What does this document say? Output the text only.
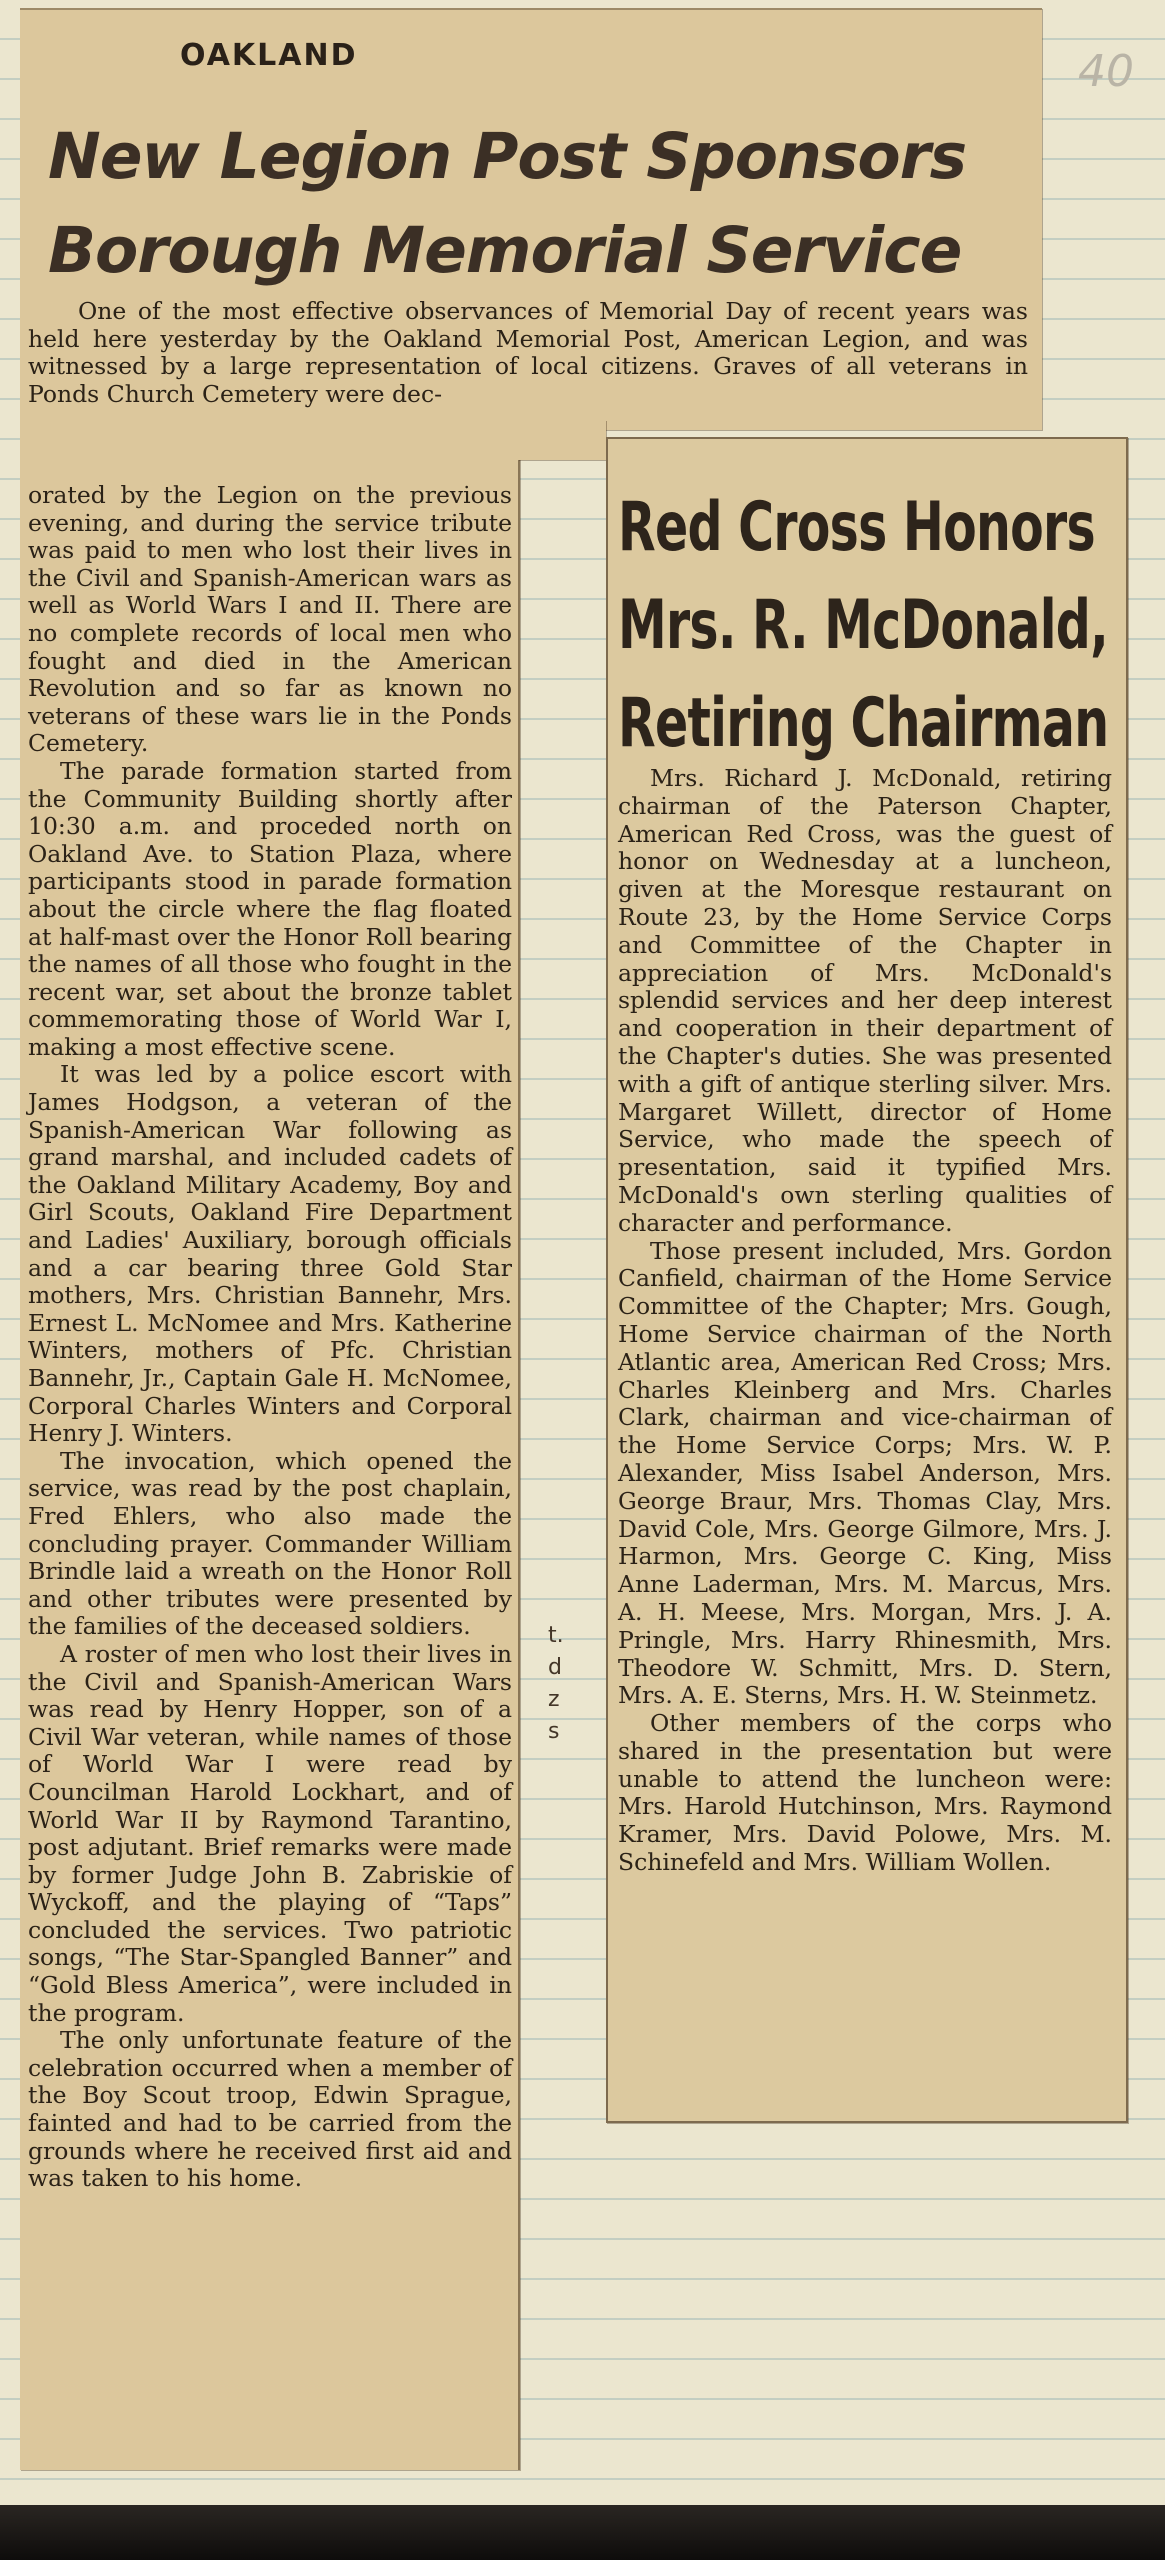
40
OAKLAND
New Legion Post Sponsors Borough Memorial Service
One of the most effective observances of Memorial Day of recent years was held here yesterday by the Oakland Memorial Post, American Legion, and was witnessed by a large representation of local citizens. Graves of all veterans in Ponds Church Cemetery were dec-

orated by the Legion on the previous evening, and during the service tribute was paid to men who lost their lives in the Civil and Spanish-American wars as well as World Wars I and II. There are no complete records of local men who fought and died in the American Revolution and so far as known no veterans of these wars lie in the Ponds Cemetery.

The parade formation started from the Community Building shortly after 10:30 a.m. and proceded north on Oakland Ave. to Station Plaza, where participants stood in parade formation about the circle where the flag floated at half-mast over the Honor Roll bearing the names of all those who fought in the recent war, set about the bronze tablet commemorating those of World War I, making a most effective scene.

It was led by a police escort with James Hodgson, a veteran of the Spanish-American War following as grand marshal, and included cadets of the Oakland Military Academy, Boy and Girl Scouts, Oakland Fire Department and Ladies' Auxiliary, borough officials and a car bearing three Gold Star mothers, Mrs. Christian Bannehr, Mrs. Ernest L. McNomee and Mrs. Katherine Winters, mothers of Pfc. Christian Bannehr, Jr., Captain Gale H. McNomee, Corporal Charles Winters and Corporal Henry J. Winters.

The invocation, which opened the service, was read by the post chaplain, Fred Ehlers, who also made the concluding prayer. Commander William Brindle laid a wreath on the Honor Roll and other tributes were presented by the families of the deceased soldiers.

A roster of men who lost their lives in the Civil and Spanish-American Wars was read by Henry Hopper, son of a Civil War veteran, while names of those of World War I were read by Councilman Harold Lockhart, and of World War II by Raymond Tarantino, post adjutant. Brief remarks were made by former Judge John B. Zabriskie of Wyckoff, and the playing of “Taps” concluded the services. Two patriotic songs, “The Star-Spangled Banner” and “Gold Bless America”, were included in the program.

The only unfortunate feature of the celebration occurred when a member of the Boy Scout troop, Edwin Sprague, fainted and had to be carried from the grounds where he received first aid and was taken to his home.

t.
d
z
s
Red Cross Honors
Mrs. R. McDonald,
Retiring Chairman

Mrs. Richard J. McDonald, retiring chairman of the Paterson Chapter, American Red Cross, was the guest of honor on Wednesday at a luncheon, given at the Moresque restaurant on Route 23, by the Home Service Corps and Committee of the Chapter in appreciation of Mrs. McDonald's splendid services and her deep interest and cooperation in their department of the Chapter's duties. She was presented with a gift of antique sterling silver. Mrs. Margaret Willett, director of Home Service, who made the speech of presentation, said it typified Mrs. McDonald's own sterling qualities of character and performance.

Those present included, Mrs. Gordon Canfield, chairman of the Home Service Committee of the Chapter; Mrs. Gough, Home Service chairman of the North Atlantic area, American Red Cross; Mrs. Charles Kleinberg and Mrs. Charles Clark, chairman and vice-chairman of the Home Service Corps; Mrs. W. P. Alexander, Miss Isabel Anderson, Mrs. George Braur, Mrs. Thomas Clay, Mrs. David Cole, Mrs. George Gilmore, Mrs. J. Harmon, Mrs. George C. King, Miss Anne Laderman, Mrs. M. Marcus, Mrs. A. H. Meese, Mrs. Morgan, Mrs. J. A. Pringle, Mrs. Harry Rhinesmith, Mrs. Theodore W. Schmitt, Mrs. D. Stern, Mrs. A. E. Sterns, Mrs. H. W. Steinmetz.

Other members of the corps who shared in the presentation but were unable to attend the luncheon were: Mrs. Harold Hutchinson, Mrs. Raymond Kramer, Mrs. David Polowe, Mrs. M. Schinefeld and Mrs. William Wollen.
